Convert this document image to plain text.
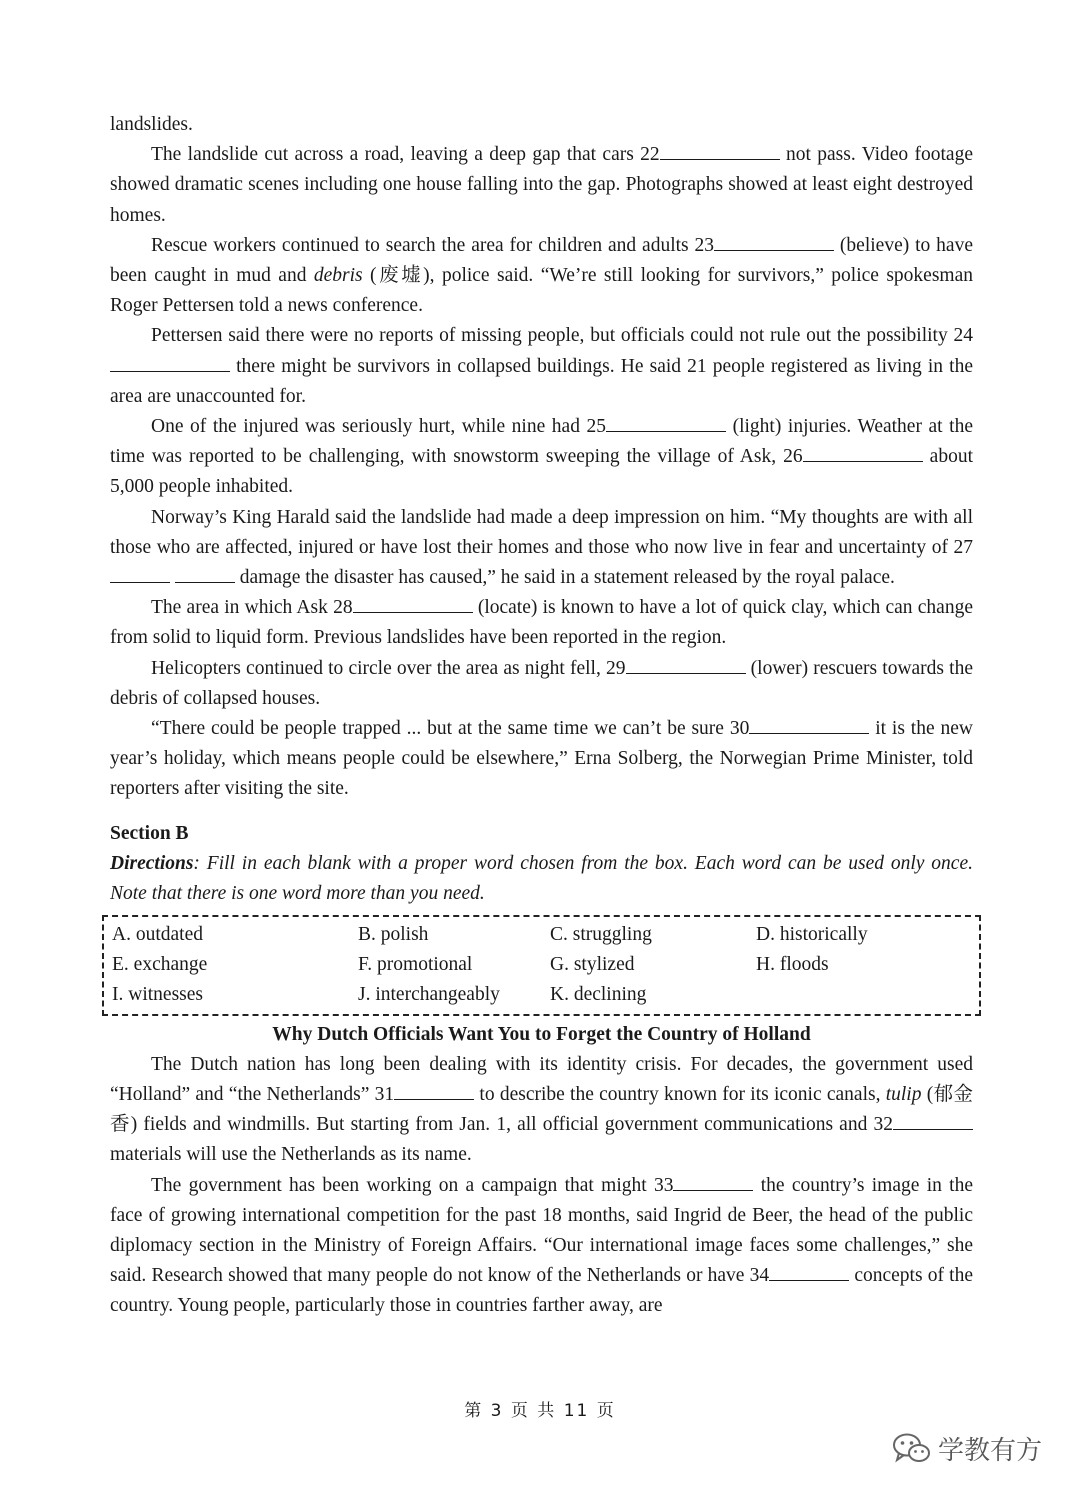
landslides.

The landslide cut across a road, leaving a deep gap that cars 22	not pass. Video footage showed dramatic scenes including one house falling into the gap. Photographs showed at least eight destroyed homes.

Rescue workers continued to search the area for children and adults 23	(believe) to have been caught in mud and debris (废墟), police said. “We’re still looking for survivors,” police spokesman Roger Pettersen told a news conference.

Pettersen said there were no reports of missing people, but officials could not rule out the possibility 24 there might be survivors in collapsed buildings. He said 21 people registered as living in the area are unaccounted for.

One of the injured was seriously hurt, while nine had 25	(light) injuries. Weather at the time was reported to be challenging, with snowstorm sweeping the village of Ask, 26	about 5,000 people inhabited.

Norway’s King Harald said the landslide had made a deep impression on him. “My thoughts are with all those who are affected, injured or have lost their homes and those who now live in fear and uncertainty of 27  damage the disaster has caused,” he said in a statement released by the royal palace.

The area in which Ask 28	(locate) is known to have a lot of quick clay, which can change from solid to liquid form. Previous landslides have been reported in the region.

Helicopters continued to circle over the area as night fell, 29	(lower) rescuers towards the debris of collapsed houses.

“There could be people trapped ... but at the same time we can’t be sure 30	it is the new year’s holiday, which means people could be elsewhere,” Erna Solberg, the Norwegian Prime Minister, told reporters after visiting the site.

Section B

Directions: Fill in each blank with a proper word chosen from the box. Each word can be used only once. Note that there is one word more than you need.

A. outdated	B. polish	C. struggling	D. historically
E. exchange	F. promotional	G. stylized	H. floods
I. witnesses	J. interchangeably	K. declining
Why Dutch Officials Want You to Forget the Country of Holland

The Dutch nation has long been dealing with its identity crisis. For decades, the government used “Holland” and “the Netherlands” 31	to describe the country known for its iconic canals, tulip (郁金香) fields and windmills. But starting from Jan. 1, all official government communications and 32 materials will use the Netherlands as its name.

The government has been working on a campaign that might 33	the country’s image in the face of growing international competition for the past 18 months, said Ingrid de Beer, the head of the public diplomacy section in the Ministry of Foreign Affairs. “Our international image faces some challenges,” she said. Research showed that many people do not know of the Netherlands or have 34	concepts of the country. Young people, particularly those in countries farther away, are

第 3 页 共 11 页
学教有方
